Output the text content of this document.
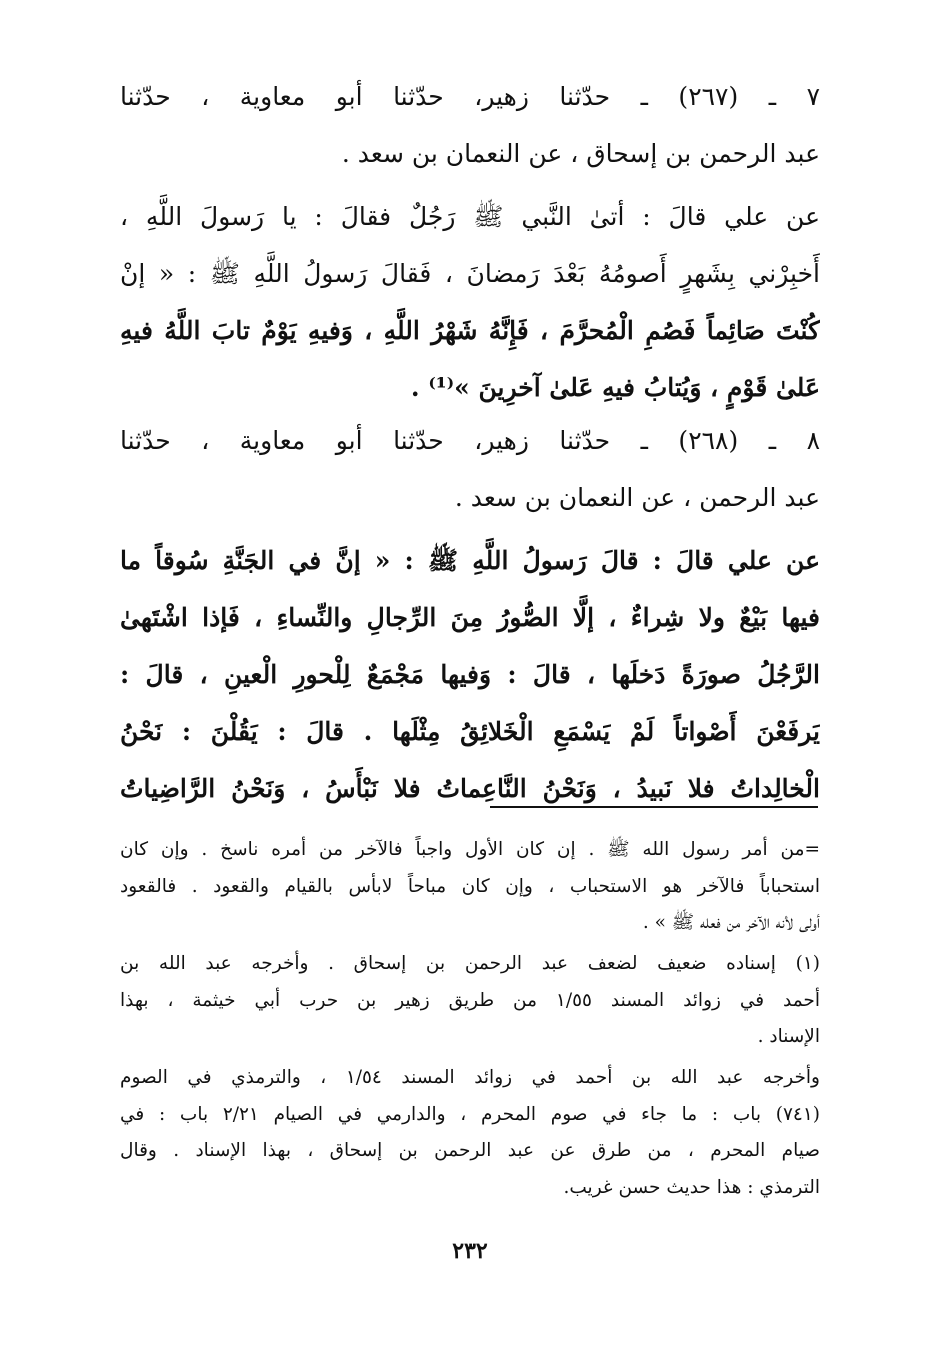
٧ ـ (٢٦٧) ـ حدّثنا زهير، حدّثنا أبو معاوية ، حدّثنا
عبد الرحمن بن إسحاق ، عن النعمان بن سعد .
عن علي قالَ : أتىٰ النَّبي ﷺ رَجُلٌ فقالَ : يا رَسولَ اللَّهِ ،
أَخبِرْني بِشَهرٍ أَصومُهُ بَعْدَ رَمضانَ ، فَقالَ رَسولُ اللَّهِ ﷺ : « إنْ
كُنْتَ صَائِماً فَصُمِ الْمُحرَّمَ ، فَإِنَّهُ شَهْرُ اللَّهِ ، وَفيهِ يَوْمٌ تابَ اللَّهُ فيهِ
عَلىٰ قَوْمٍ ، وَيُتابُ فيهِ عَلىٰ آخرِينَ »⁽¹⁾ .
٨ ـ (٢٦٨) ـ حدّثنا زهير، حدّثنا أبو معاوية ، حدّثنا
عبد الرحمن ، عن النعمان بن سعد .
عن علي قالَ : قالَ رَسولُ اللَّهِ ﷺ : « إنَّ في الجَنَّةِ سُوقاً ما
فيها بَيْعٌ ولا شِراءٌ ، إلَّا الصُّورُ مِنَ الرِّجالِ والنِّساءِ ، فَإذا اشْتَهىٰ
الرَّجُلُ صورَةً دَخلَها ، قالَ : وَفيها مَجْمَعٌ لِلْحورِ الْعينِ ، قالَ :
يَرفَعْنَ أَصْواتاً لَمْ يَسْمَعِ الْخَلائِقُ مِثْلَها . قالَ : يَقُلْنَ : نَحْنُ
الْخالِداتُ فلا نَبيدُ ، وَنَحْنُ النَّاعِماتُ فلا نَبْأَسُ ، وَنَحْنُ الرَّاضِياتُ
=من أمر رسول الله ﷺ . إن كان الأول واجباً فالآخر من أمره ناسخ . وإن كان
استحباباً فالآخر هو الاستحباب ، وإن كان مباحاً لابأس بالقيام والقعود . فالقعود
أولى لأنه الآخر من فعله ﷺ » .
(١) إسناده ضعيف لضعف عبد الرحمن بن إسحاق . وأخرجه عبد الله بن
أحمد في زوائد المسند ١/٥٥ من طريق زهير بن حرب أبي خيثمة ، بهذا
الإسناد .
وأخرجه عبد الله بن أحمد في زوائد المسند ١/٥٤ ، والترمذي في الصوم
(٧٤١) باب : ما جاء في صوم المحرم ، والدارمي في الصيام ٢/٢١ باب : في
صيام المحرم ، من طرق عن عبد الرحمن بن إسحاق ، بهذا الإسناد . وقال
الترمذي : هذا حديث حسن غريب.
٢٣٢
